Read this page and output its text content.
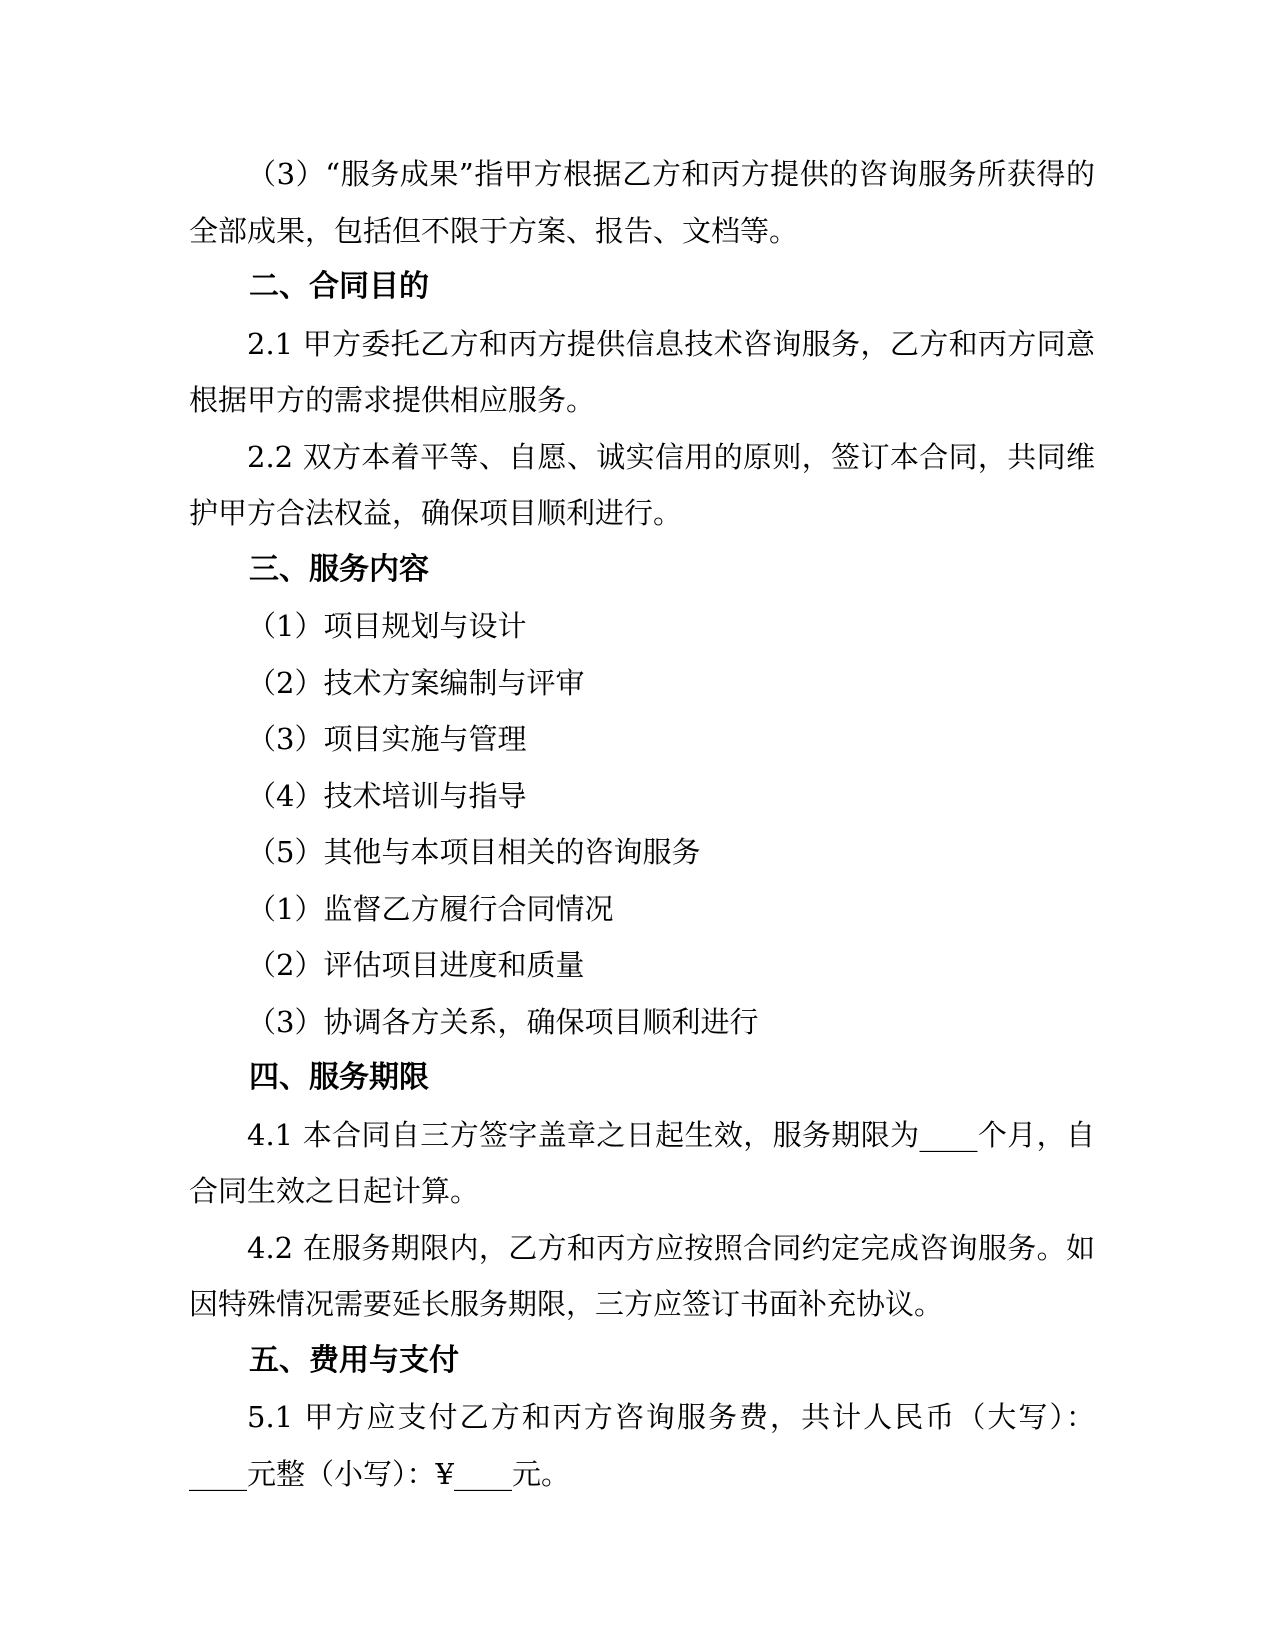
（3）“服务成果”指甲方根据乙方和丙方提供的咨询服务所获得的全部成果，包括但不限于方案、报告、文档等。

二、合同目的

2.1 甲方委托乙方和丙方提供信息技术咨询服务，乙方和丙方同意根据甲方的需求提供相应服务。

2.2 双方本着平等、自愿、诚实信用的原则，签订本合同，共同维护甲方合法权益，确保项目顺利进行。

三、服务内容

（1）项目规划与设计

（2）技术方案编制与评审

（3）项目实施与管理

（4）技术培训与指导

（5）其他与本项目相关的咨询服务

（1）监督乙方履行合同情况

（2）评估项目进度和质量

（3）协调各方关系，确保项目顺利进行

四、服务期限

4.1 本合同自三方签字盖章之日起生效，服务期限为____个月，自合同生效之日起计算。

4.2 在服务期限内，乙方和丙方应按照合同约定完成咨询服务。如因特殊情况需要延长服务期限，三方应签订书面补充协议。

五、费用与支付

5.1 甲方应支付乙方和丙方咨询服务费，共计人民币（大写）：____元整（小写）：¥____元。
